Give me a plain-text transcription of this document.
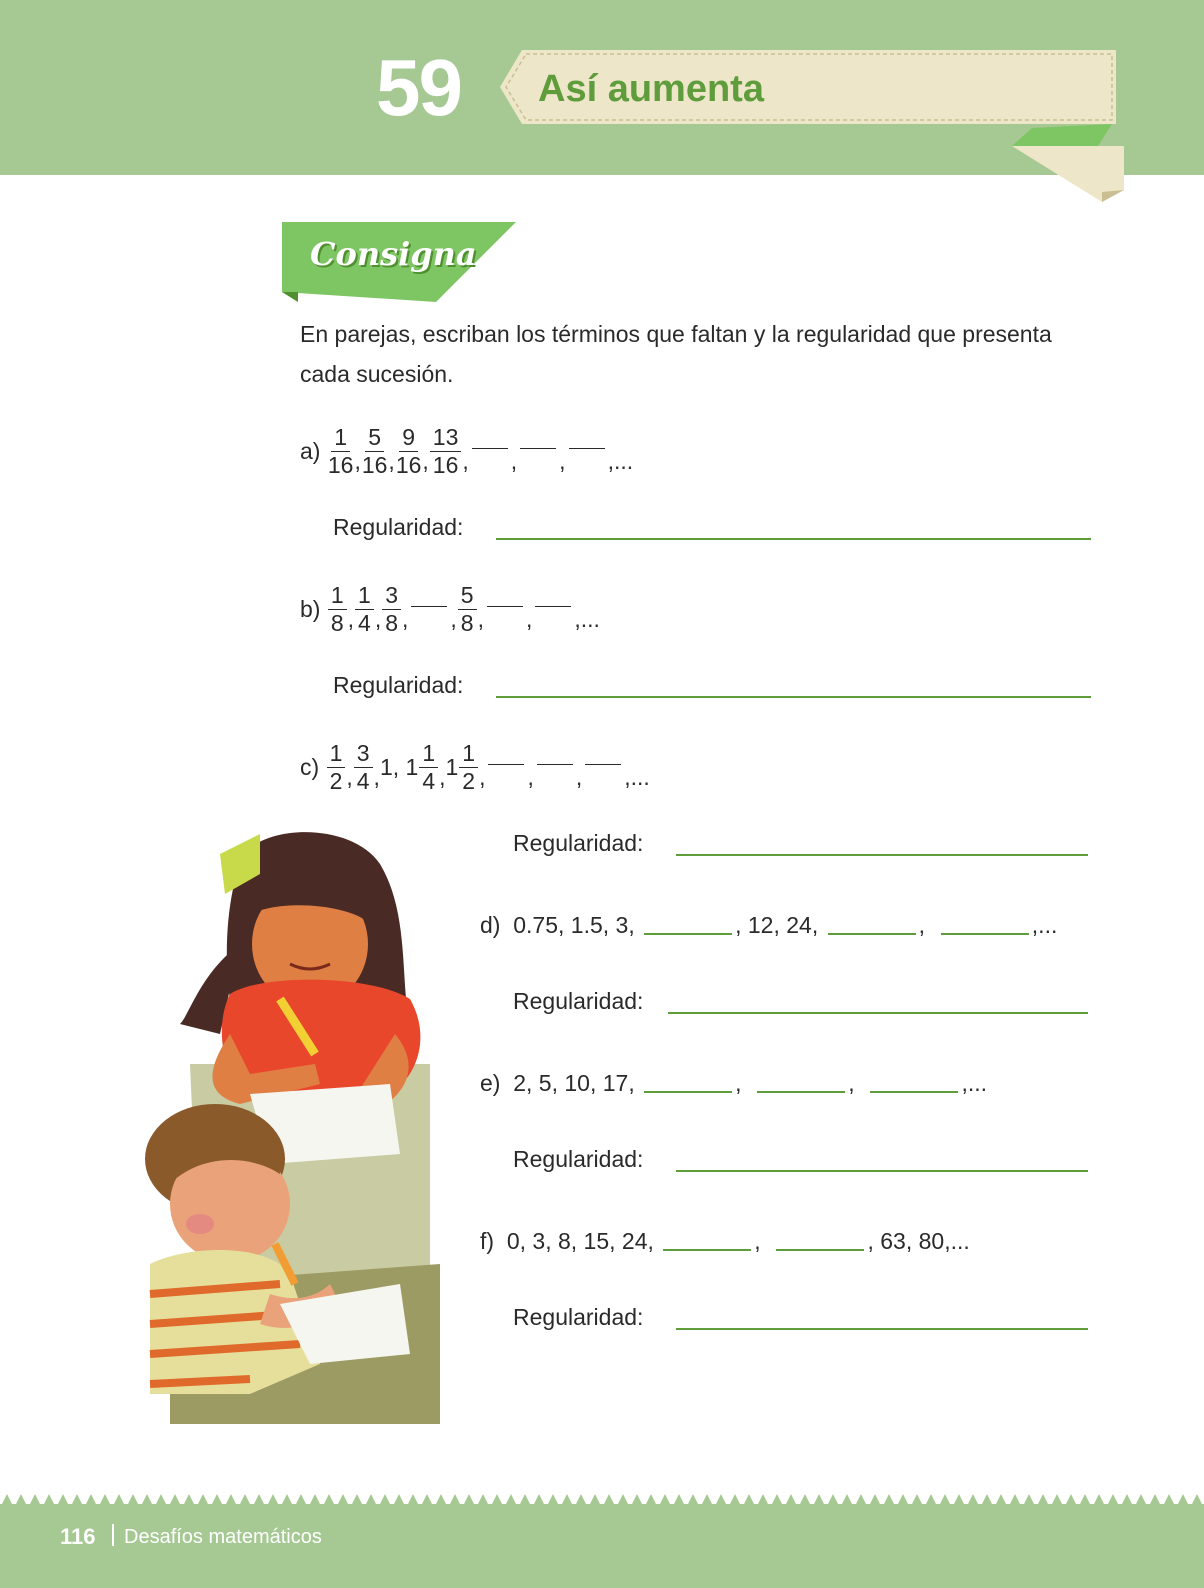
59 Así aumenta
Consigna
En parejas, escriban los términos que faltan y la regularidad que presenta cada sucesión.
a)
$\frac{1}{16}$ , $\frac{5}{16}$ , $\frac{9}{16}$ , $\frac{13}{16}$ , , , ,...
Regularidad:
b)
$\frac{1}{8}$ , $\frac{1}{4}$ , $\frac{3}{8}$ , , $\frac{5}{8}$ , , ,...
Regularidad:
c)
$\frac{1}{2}$ , $\frac{3}{4}$ , 1, $1 \frac{1}{4}$ , $1 \frac{1}{2}$ , , , ,...
Regularidad:
d)
0.75, 1.5, 3,	, 12, 24,	,	,...
Regularidad:
e)
2, 5, 10, 17,	,	,	,...
Regularidad:
f)
0, 3, 8, 15, 24,	,	, 63, 80,...
Regularidad:
116 Desafíos matemáticos
